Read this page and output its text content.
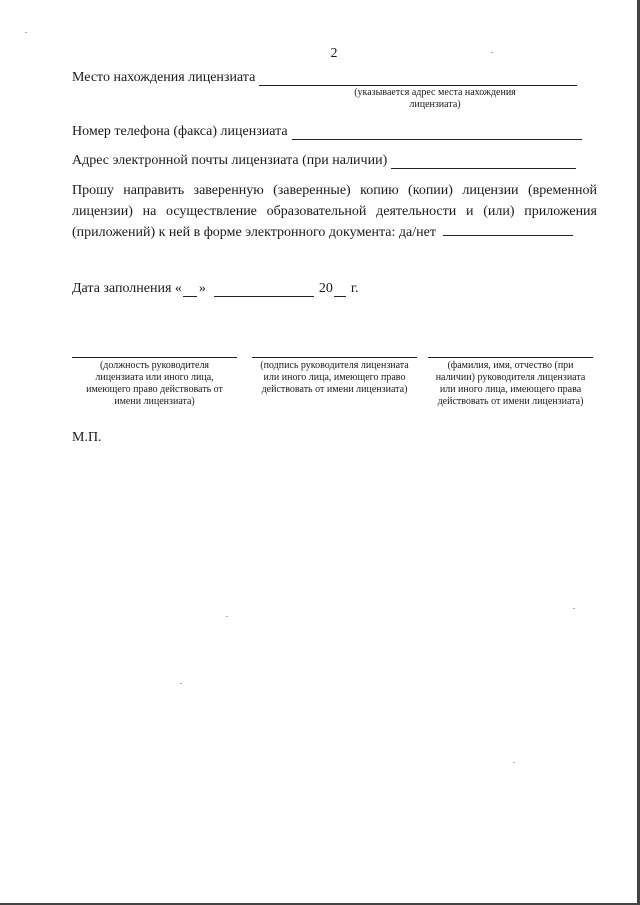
2
Место нахождения лицензиата
(указывается адрес места нахождения
лицензиата)
Номер телефона (факса) лицензиата
Адрес электронной почты лицензиата (при наличии)
Прошу направить заверенную (заверенные) копию (копии) лицензии (временной лицензии) на осуществление образовательной деятельности и (или) приложения (приложений) к ней в форме электронного документа: да/нет
Дата заполнения « »	20 г.
(должность руководителя лицензиата или иного лица, имеющего право действовать от имени лицензиата)
(подпись руководителя лицензиата или иного лица, имеющего право действовать от имени лицензиата)
(фамилия, имя, отчество (при наличии) руководителя лицензиата или иного лица, имеющего права действовать от имени лицензиата)
М.П.
